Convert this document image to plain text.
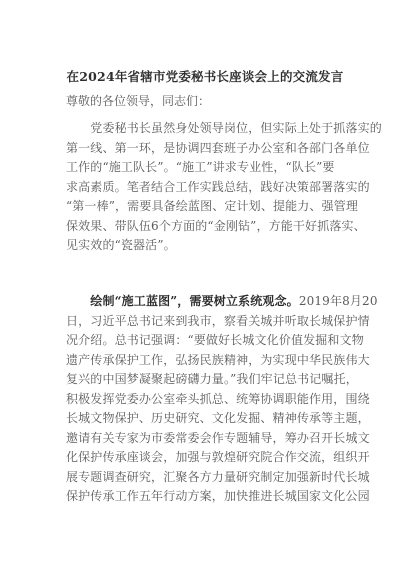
在2024年省辖市党委秘书长座谈会上的交流发言
尊敬的各位领导，同志们：
　　党委秘书长虽然身处领导岗位，但实际上处于抓落实的
第一线、第一环，是协调四套班子办公室和各部门各单位
工作的“施工队长”。“施工”讲求专业性，“队长”要
求高素质。笔者结合工作实践总结，践好决策部署落实的
“第一棒”，需要具备绘蓝图、定计划、提能力、强管理
保效果、带队伍6个方面的“金刚钻”，方能干好抓落实、
见实效的“瓷器活”。
　　绘制“施工蓝图”，需要树立系统观念。2019年8月20
日，习近平总书记来到我市，察看关城并听取长城保护情
况介绍。总书记强调：“要做好长城文化价值发掘和文物
遗产传承保护工作，弘扬民族精神，为实现中华民族伟大
复兴的中国梦凝聚起磅礴力量。”我们牢记总书记嘱托，
积极发挥党委办公室牵头抓总、统筹协调职能作用，围绕
长城文物保护、历史研究、文化发掘、精神传承等主题，
邀请有关专家为市委常委会作专题辅导，筹办召开长城文
化保护传承座谈会，加强与敦煌研究院合作交流，组织开
展专题调查研究，汇聚各方力量研究制定加强新时代长城
保护传承工作五年行动方案，加快推进长城国家文化公园
